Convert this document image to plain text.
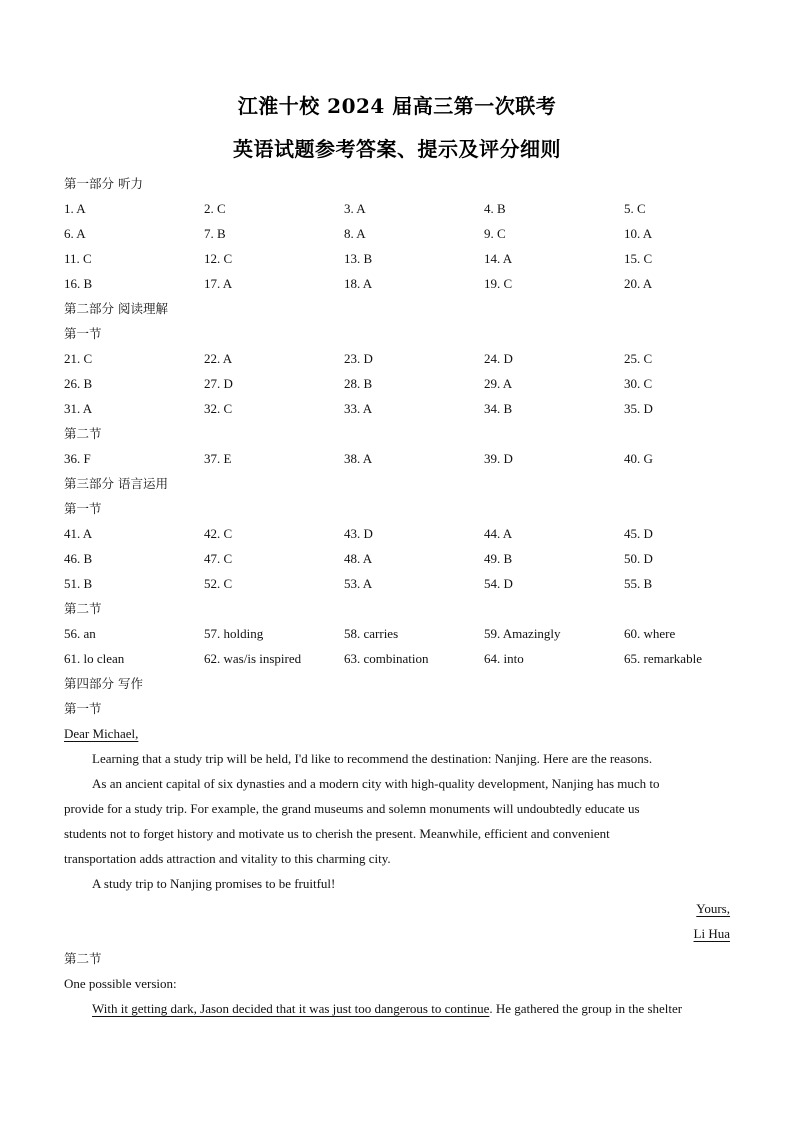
江淮十校 2024 届高三第一次联考
英语试题参考答案、提示及评分细则
第一部分 听力
1. A	2. C	3. A	4. B	5. C
6. A	7. B	8. A	9. C	10. A
11. C	12. C	13. B	14. A	15. C
16. B	17. A	18. A	19. C	20. A
第二部分 阅读理解
第一节
21. C	22. A	23. D	24. D	25. C
26. B	27. D	28. B	29. A	30. C
31. A	32. C	33. A	34. B	35. D
第二节
36. F	37. E	38. A	39. D	40. G
第三部分 语言运用
第一节
41. A	42. C	43. D	44. A	45. D
46. B	47. C	48. A	49. B	50. D
51. B	52. C	53. A	54. D	55. B
第二节
56. an	57. holding	58. carries	59. Amazingly	60. where
61. lo clean	62. was/is inspired	63. combination	64. into	65. remarkable
第四部分 写作
第一节
Dear Michael,
Learning that a study trip will be held, I'd like to recommend the destination: Nanjing. Here are the reasons.
As an ancient capital of six dynasties and a modern city with high-quality development, Nanjing has much to
provide for a study trip. For example, the grand museums and solemn monuments will undoubtedly educate us
students not to forget history and motivate us to cherish the present. Meanwhile, efficient and convenient
transportation adds attraction and vitality to this charming city.
A study trip to Nanjing promises to be fruitful!
Yours,
Li Hua
第二节
One possible version:
With it getting dark, Jason decided that it was just too dangerous to continue. He gathered the group in the shelter
